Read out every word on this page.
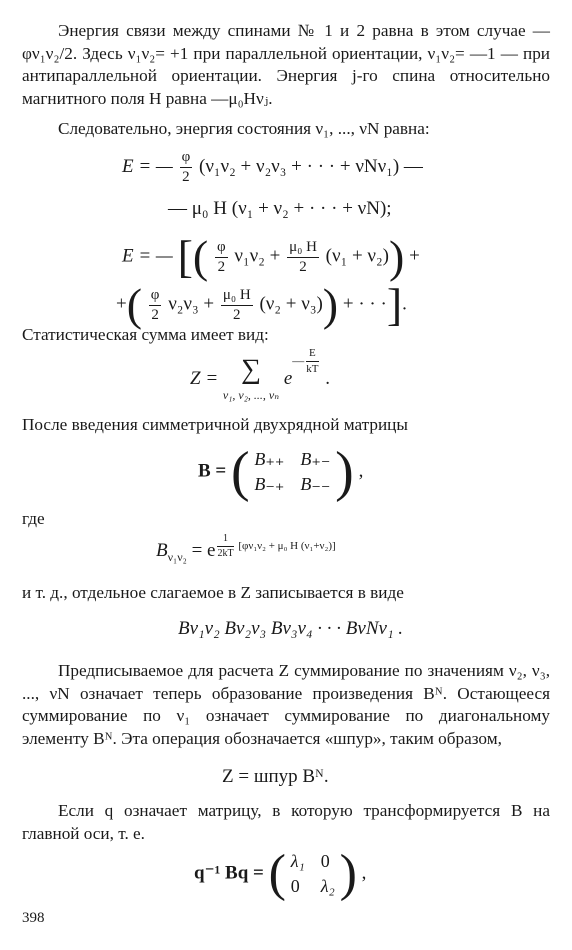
Энергия связи между спинами № 1 и 2 равна в этом случае —φν₁ν₂/2. Здесь ν₁ν₂= +1 при параллельной ориентации, ν₁ν₂= —1 — при антипараллельной ориентации. Энергия j-го спина относительно магнитного поля H равна —μ₀Hνⱼ.

Следовательно, энергия состояния ν₁, ..., νN равна:

E = — $\frac{\varphi}{2} (\nu_1\nu_2 + \nu_2\nu_3$ + · · · + νNν₁) —
— μ₀ H (ν₁ + ν₂ + · · · + νN);
E = — [( $\frac{\varphi}{2} \nu_1\nu_2 + \frac{\text{μ₀ H}}{2} (\nu_1 + \nu_2)$) +
+( $\frac{\varphi}{2} \nu_2\nu_3 + \frac{\text{μ₀ H}}{2} (\nu_2 + \nu_3)$) + · · ·].

Статистическая сумма имеет вид:

Z = ∑
ν₁, ν₂, ..., νₙ e— $\frac{E}{kT}$
.

После введения симметричной двухрядной матрицы

B = ( B₊₊ B₊₋
B₋₊ B₋₋ ) ,

где

$B_{\nu_1\nu_2} = e \frac{1}{2kT} [\varphi\nu_1\nu_2 + \mu_0$ H (ν₁+ν₂)]

и т. д., отдельное слагаемое в Z записывается в виде

Bν₁ν₂ Bν₂ν₃ Bν₃ν₄ · · · BνNν₁ .

Предписываемое для расчета Z суммирование по значениям ν₂, ν₃, ..., νN означает теперь образование произведения Bᴺ. Остающееся суммирование по ν₁ означает суммирование по диагональному элементу Bᴺ. Эта операция обозначается «шпур», таким образом,

Z = шпур Bᴺ.

Если q означает матрицу, в которую трансформируется B на главной оси, т. е.

q⁻¹ Bq = ( λ₁ 0
0 λ₂ ) ,
398
